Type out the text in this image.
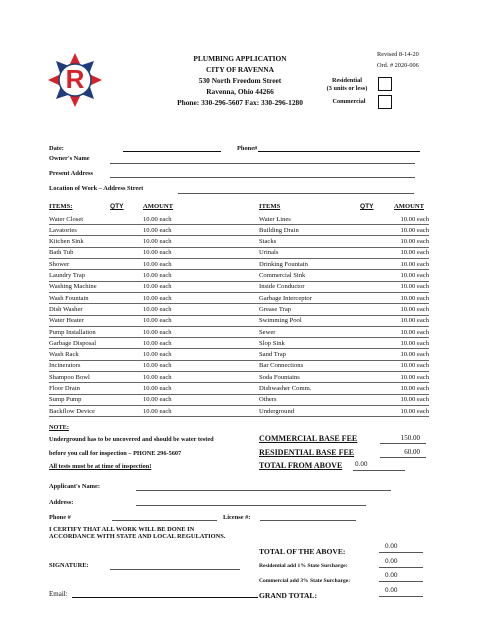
R
PLUMBING APPLICATION
CITY OF RAVENNA
530 North Freedom Street
Ravenna, Ohio 44266
Phone: 330-296-5607 Fax: 330-296-1280
Revised 8-14-20
Ord. # 2020-006
Residential
(3 units or less)
Commercial
Date:	Phone#
Owner's Name
Present Address
Location of Work – Address Street
ITEMS:	QTY	AMOUNT	ITEMS	QTY	AMOUNT
Water Closet	10.00 each	Water Lines	10.00 each
Lavatories	10.00 each	Building Drain	10.00 each
Kitchen Sink	10.00 each	Stacks	10.00 each
Bath Tub	10.00 each	Urinals	10.00 each
Shower	10.00 each	Drinking Fountain	10.00 each
Laundry Trap	10.00 each	Commercial Sink	10.00 each
Washing Machine	10.00 each	Inside Conductor	10.00 each
Wash Fountain	10.00 each	Garbage Interceptor	10.00 each
Dish Washer	10.00 each	Grease Trap	10.00 each
Water Heater	10.00 each	Swimming Pool	10.00 each
Pump Installation	10.00 each	Sewer	10.00 each
Garbage Disposal	10.00 each	Slop Sink	10.00 each
Wash Rack	10.00 each	Sand Trap	10.00 each
Incinerators	10.00 each	Bar Connections	10.00 each
Shampoo Bowl	10.00 each	Soda Fountains	10.00 each
Floor Drain	10.00 each	Dishwasher Comm.	10.00 each
Sump Pump	10.00 each	Others	10.00 each
Backflow Device	10.00 each	Underground	10.00 each
NOTE:
Underground has to be uncovered and should be water tested
before you call for inspection – PHONE 296-5607
All tests must be at time of inspection!
COMMERCIAL BASE FEE	150.00
RESIDENTIAL BASE FEE	60.00
TOTAL FROM ABOVE 0.00
Applicant's Name:
Address:
Phone #	License #:
I CERTIFY THAT ALL WORK WILL BE DONE IN
ACCORDANCE WITH STATE AND LOCAL REGULATIONS.
SIGNATURE:
Email:
TOTAL OF THE ABOVE:
0.00
Residential add 1% State Surcharge:
0.00
Commercial add 3% State Surcharge:
0.00
GRAND TOTAL:
0.00
